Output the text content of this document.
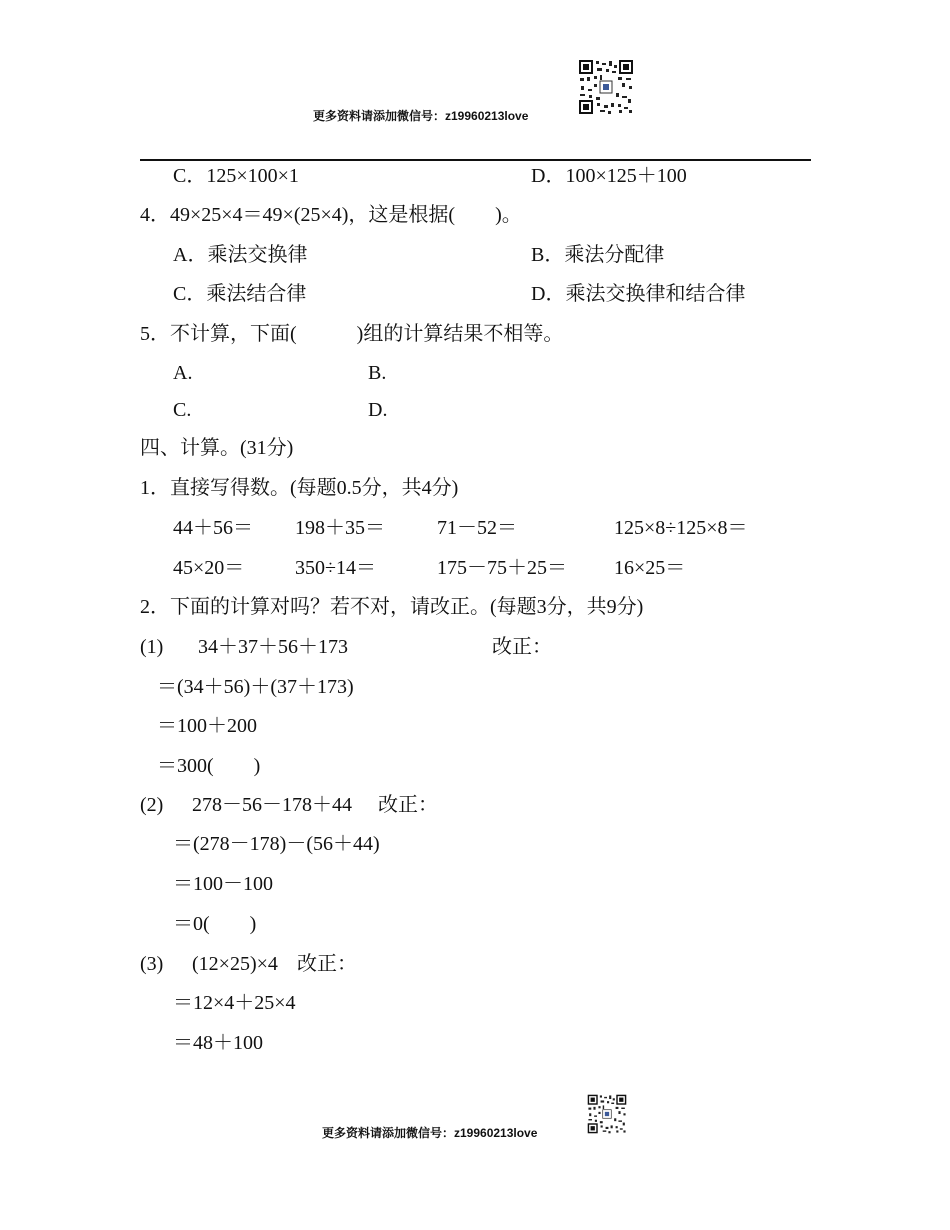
更多资料请添加微信号：z19960213love
C．125×100×1	D．100×125＋100
4．49×25×4＝49×(25×4)，这是根据(　　)。
A．乘法交换律	B．乘法分配律
C．乘法结合律	D．乘法交换律和结合律
5．不计算，下面(　　　)组的计算结果不相等。
A.	B.
C.	D.
四、计算。(31分)
1．直接写得数。(每题0.5分，共4分)
44＋56＝ 198＋35＝	71－52＝	125×8÷125×8＝
45×20＝	350÷14＝	175－75＋25＝ 16×25＝
2．下面的计算对吗？若不对，请改正。(每题3分，共9分)
(1) 34＋37＋56＋173	改正：
＝(34＋56)＋(37＋173)
＝100＋200
＝300(　　)
(2) 278－56－178＋44 改正：
＝(278－178)－(56＋44)
＝100－100
＝0(　　)
(3) (12×25)×4 改正：
＝12×4＋25×4
＝48＋100
更多资料请添加微信号：z19960213love
